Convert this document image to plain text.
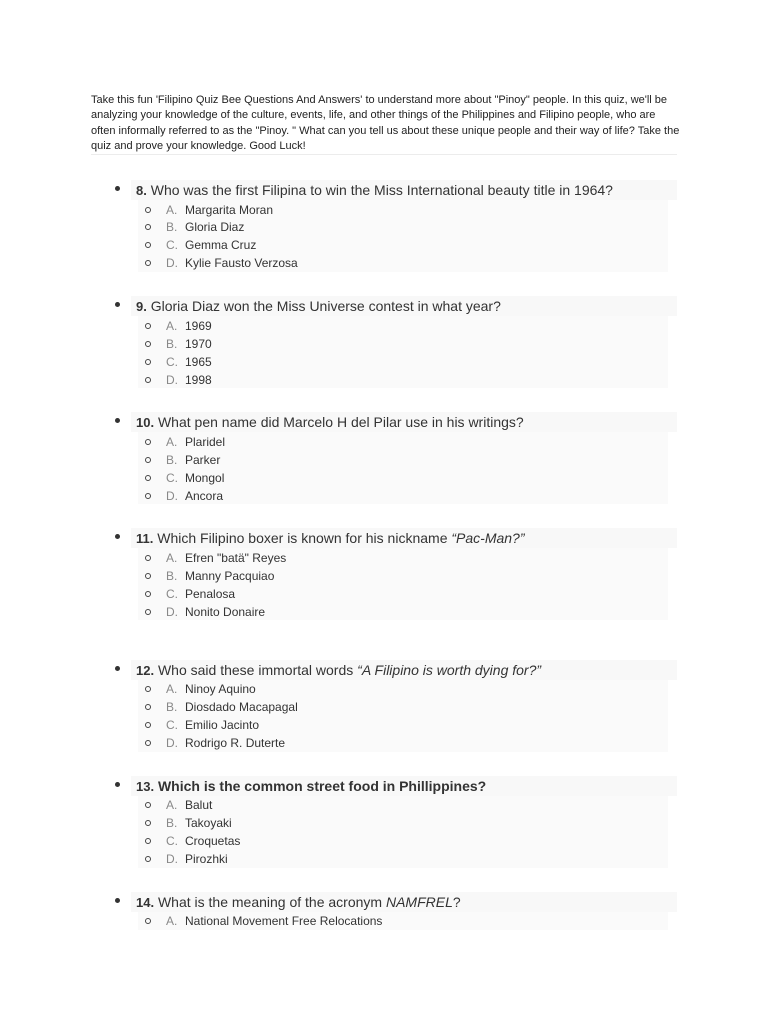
Take this fun 'Filipino Quiz Bee Questions And Answers' to understand more about "Pinoy" people. In this quiz, we'll be analyzing your knowledge of the culture, events, life, and other things of the Philippines and Filipino people, who are often informally referred to as the "Pinoy. " What can you tell us about these unique people and their way of life? Take the quiz and prove your knowledge. Good Luck!
8. Who was the first Filipina to win the Miss International beauty title in 1964?
A. Margarita Moran
B. Gloria Diaz
C. Gemma Cruz
D. Kylie Fausto Verzosa
9. Gloria Diaz won the Miss Universe contest in what year?
A. 1969
B. 1970
C. 1965
D. 1998
10. What pen name did Marcelo H del Pilar use in his writings?
A. Plaridel
B. Parker
C. Mongol
D. Ancora
11. Which Filipino boxer is known for his nickname “Pac-Man?”
A. Efren "batä" Reyes
B. Manny Pacquiao
C. Penalosa
D. Nonito Donaire
12. Who said these immortal words “A Filipino is worth dying for?”
A. Ninoy Aquino
B. Diosdado Macapagal
C. Emilio Jacinto
D. Rodrigo R. Duterte
13. Which is the common street food in Phillippines?
A. Balut
B. Takoyaki
C. Croquetas
D. Pirozhki
14. What is the meaning of the acronym NAMFREL?
A. National Movement Free Relocations
